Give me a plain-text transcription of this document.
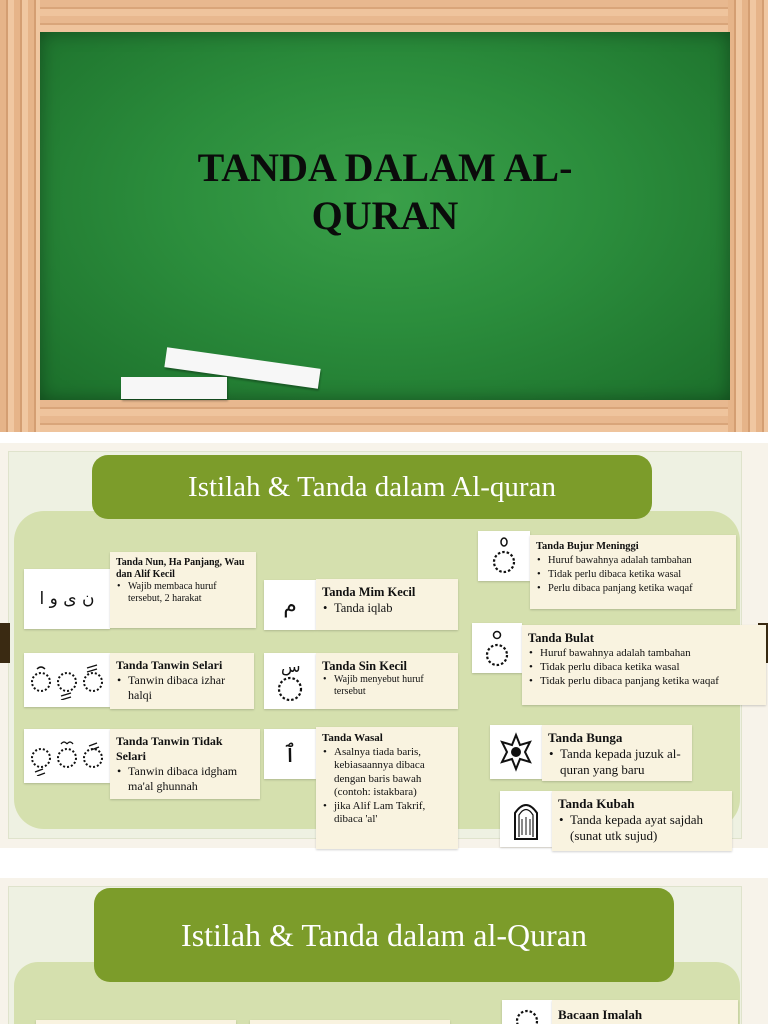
TANDA DALAM AL-QURAN
Istilah & Tanda dalam Al-quran
ن ى و ا
Tanda Nun, Ha Panjang, Wau dan Alif Kecil
• Wajib membaca huruf tersebut, 2 harakat	م
Tanda Mim Kecil
• Tanda iqlab
Tanda Tanwin Selari
• Tanwin dibaca izhar halqi
س Tanda Sin Kecil
• Wajib menyebut huruf tersebut
Tanda Tanwin Tidak Selari
• Tanwin dibaca idgham ma'al ghunnah
ٱ
Tanda Wasal
• Asalnya tiada baris, kebiasaannya dibaca dengan baris bawah (contoh: istakbara)
• jika Alif Lam Takrif, dibaca 'al'
Tanda Bujur Meninggi
• Huruf bawahnya adalah tambahan
• Tidak perlu dibaca ketika wasal
• Perlu dibaca panjang ketika waqaf
Tanda Bulat
• Huruf bawahnya adalah tambahan
• Tidak perlu dibaca ketika wasal
• Tidak perlu dibaca panjang ketika waqaf
Tanda Bunga
• Tanda kepada juzuk al-quran yang baru
Tanda Kubah
• Tanda kepada ayat sajdah (sunat utk sujud)
Istilah & Tanda dalam al-Quran
Bacaan Imalah
